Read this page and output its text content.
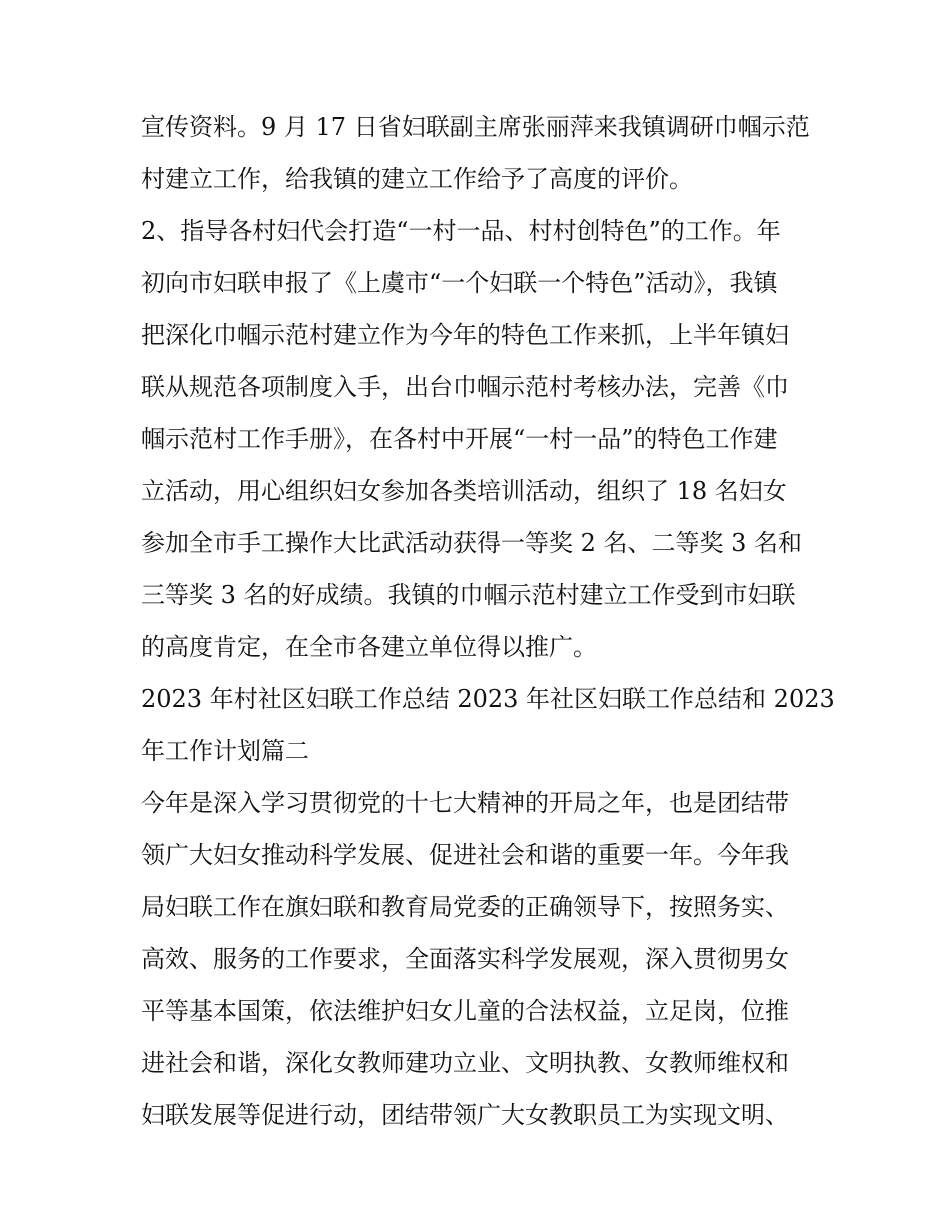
宣传资料。9 月 17 日省妇联副主席张丽萍来我镇调研巾帼示范
村建立工作，给我镇的建立工作给予了高度的评价。
2、指导各村妇代会打造“一村一品、村村创特色”的工作。年
初向市妇联申报了《上虞市“一个妇联一个特色”活动》，我镇
把深化巾帼示范村建立作为今年的特色工作来抓，上半年镇妇
联从规范各项制度入手，出台巾帼示范村考核办法，完善《巾
帼示范村工作手册》，在各村中开展“一村一品”的特色工作建
立活动，用心组织妇女参加各类培训活动，组织了 18 名妇女
参加全市手工操作大比武活动获得一等奖 2 名、二等奖 3 名和
三等奖 3 名的好成绩。我镇的巾帼示范村建立工作受到市妇联
的高度肯定，在全市各建立单位得以推广。
2023 年村社区妇联工作总结 2023 年社区妇联工作总结和 2023
年工作计划篇二
今年是深入学习贯彻党的十七大精神的开局之年，也是团结带
领广大妇女推动科学发展、促进社会和谐的重要一年。今年我
局妇联工作在旗妇联和教育局党委的正确领导下，按照务实、
高效、服务的工作要求，全面落实科学发展观，深入贯彻男女
平等基本国策，依法维护妇女儿童的合法权益，立足岗，位推
进社会和谐，深化女教师建功立业、文明执教、女教师维权和
妇联发展等促进行动，团结带领广大女教职员工为实现文明、
